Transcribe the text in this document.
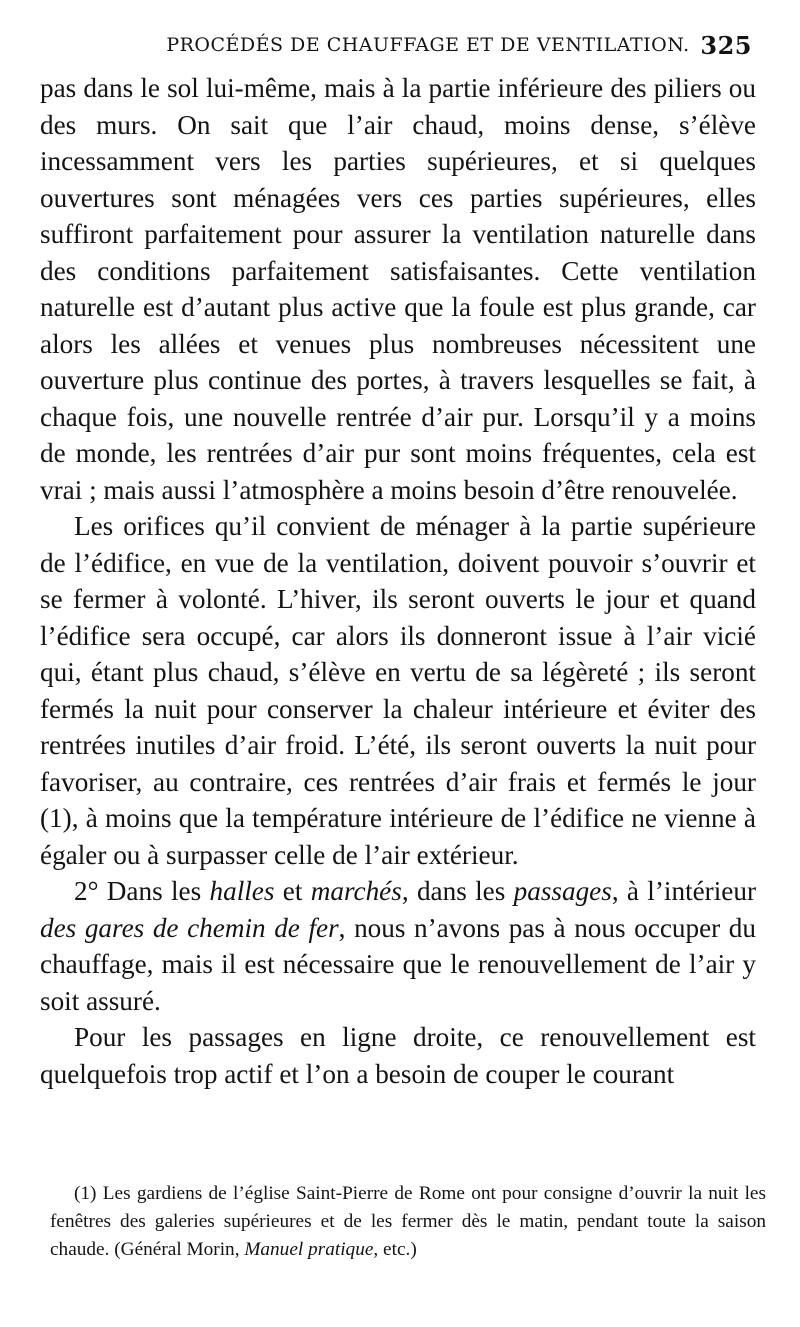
PROCÉDÉS DE CHAUFFAGE ET DE VENTILATION. 325

pas dans le sol lui-même, mais à la partie inférieure des piliers ou des murs. On sait que l’air chaud, moins dense, s’élève incessamment vers les parties supérieures, et si quelques ouvertures sont ménagées vers ces parties supérieures, elles suffiront parfaitement pour assurer la ventilation naturelle dans des conditions parfaitement satisfaisantes. Cette ventilation naturelle est d’autant plus active que la foule est plus grande, car alors les allées et venues plus nombreuses nécessitent une ouverture plus continue des portes, à travers lesquelles se fait, à chaque fois, une nouvelle rentrée d’air pur. Lorsqu’il y a moins de monde, les rentrées d’air pur sont moins fréquentes, cela est vrai ; mais aussi l’atmosphère a moins besoin d’être renouvelée.

Les orifices qu’il convient de ménager à la partie supérieure de l’édifice, en vue de la ventilation, doivent pouvoir s’ouvrir et se fermer à volonté. L’hiver, ils seront ouverts le jour et quand l’édifice sera occupé, car alors ils donneront issue à l’air vicié qui, étant plus chaud, s’élève en vertu de sa légèreté ; ils seront fermés la nuit pour conserver la chaleur intérieure et éviter des rentrées inutiles d’air froid. L’été, ils seront ouverts la nuit pour favoriser, au contraire, ces rentrées d’air frais et fermés le jour (1), à moins que la température intérieure de l’édifice ne vienne à égaler ou à surpasser celle de l’air extérieur.

2° Dans les halles et marchés, dans les passages, à l’intérieur des gares de chemin de fer, nous n’avons pas à nous occuper du chauffage, mais il est nécessaire que le renouvellement de l’air y soit assuré.

Pour les passages en ligne droite, ce renouvellement est quelquefois trop actif et l’on a besoin de couper le courant

(1) Les gardiens de l’église Saint-Pierre de Rome ont pour consigne d’ouvrir la nuit les fenêtres des galeries supérieures et de les fermer dès le matin, pendant toute la saison chaude. (Général Morin, Manuel pratique, etc.)
